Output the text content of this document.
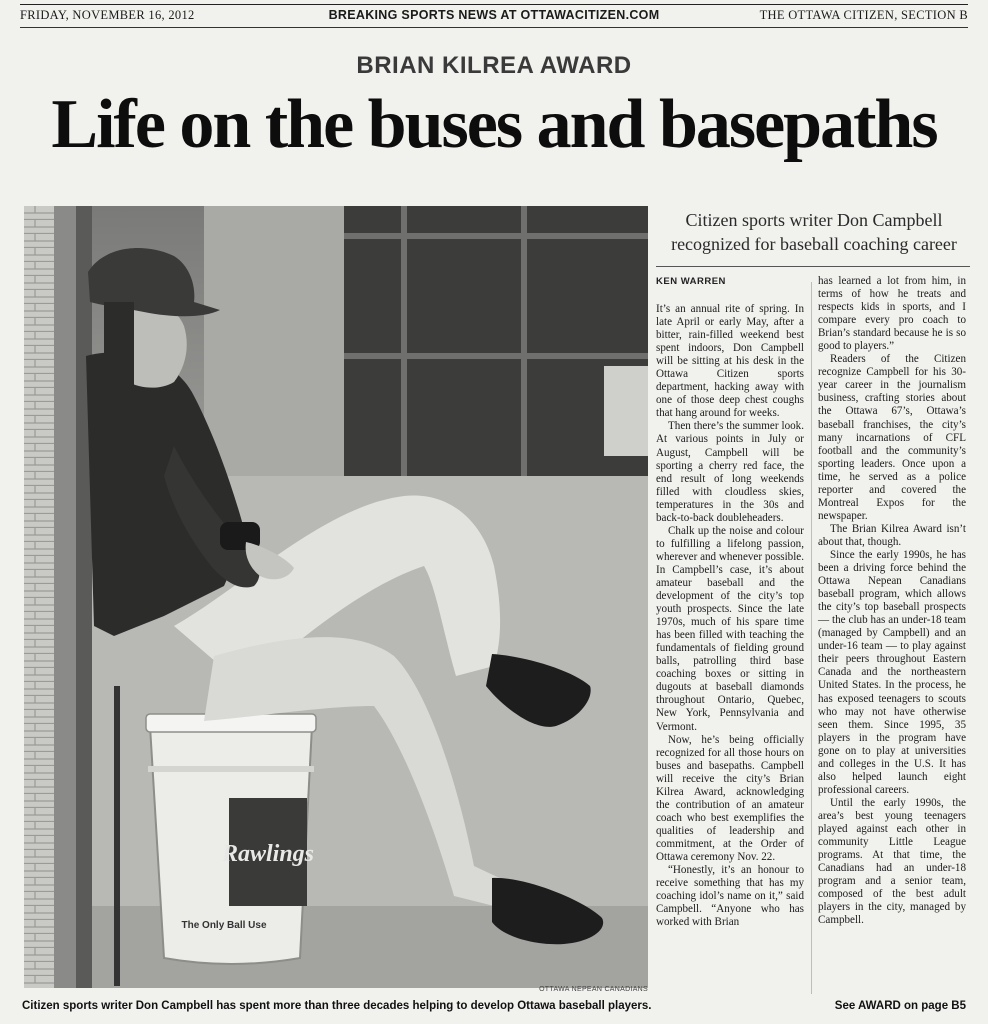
FRIDAY, NOVEMBER 16, 2012	BREAKING SPORTS NEWS AT OTTAWACITIZEN.COM	THE OTTAWA CITIZEN, SECTION B
BRIAN KILREA AWARD
Life on the buses and basepaths
Rawlings
The Only Ball Use
OTTAWA NEPEAN CANADIANS
Citizen sports writer Don Campbell has spent more than three decades helping to develop Ottawa baseball players.	See AWARD on page B5
Citizen sports writer Don Campbell
recognized for baseball coaching career
KEN WARREN

It’s an annual rite of spring. In late April or early May, after a bitter, rain-filled weekend best spent indoors, Don Campbell will be sitting at his desk in the Ottawa Citizen sports department, hacking away with one of those deep chest coughs that hang around for weeks.

Then there’s the summer look. At various points in July or August, Campbell will be sporting a cherry red face, the end result of long weekends filled with cloudless skies, temperatures in the 30s and back-to-back doubleheaders.

Chalk up the noise and colour to fulfilling a lifelong passion, wherever and whenever possible. In Campbell’s case, it’s about amateur baseball and the development of the city’s top youth prospects. Since the late 1970s, much of his spare time has been filled with teaching the fundamentals of fielding ground balls, patrolling third base coaching boxes or sitting in dugouts at baseball diamonds throughout Ontario, Quebec, New York, Pennsylvania and Vermont.

Now, he’s being officially recognized for all those hours on buses and basepaths. Campbell will receive the city’s Brian Kilrea Award, acknowledging the contribution of an amateur coach who best exemplifies the qualities of leadership and commitment, at the Order of Ottawa ceremony Nov. 22.

“Honestly, it’s an honour to receive something that has my coaching idol’s name on it,” said Campbell. “Anyone who has worked with Brian

has learned a lot from him, in terms of how he treats and respects kids in sports, and I compare every pro coach to Brian’s standard because he is so good to players.”

Readers of the Citizen recognize Campbell for his 30-year career in the journalism business, crafting stories about the Ottawa 67’s, Ottawa’s baseball franchises, the city’s many incarnations of CFL football and the community’s sporting leaders. Once upon a time, he served as a police reporter and covered the Montreal Expos for the newspaper.

The Brian Kilrea Award isn’t about that, though.

Since the early 1990s, he has been a driving force behind the Ottawa Nepean Canadians baseball program, which allows the city’s top baseball prospects — the club has an under-18 team (managed by Campbell) and an under-16 team — to play against their peers throughout Eastern Canada and the northeastern United States. In the process, he has exposed teenagers to scouts who may not have otherwise seen them. Since 1995, 35 players in the program have gone on to play at universities and colleges in the U.S. It has also helped launch eight professional careers.

Until the early 1990s, the area’s best young teenagers played against each other in community Little League programs. At that time, the Canadians had an under-18 program and a senior team, composed of the best adult players in the city, managed by Campbell.
